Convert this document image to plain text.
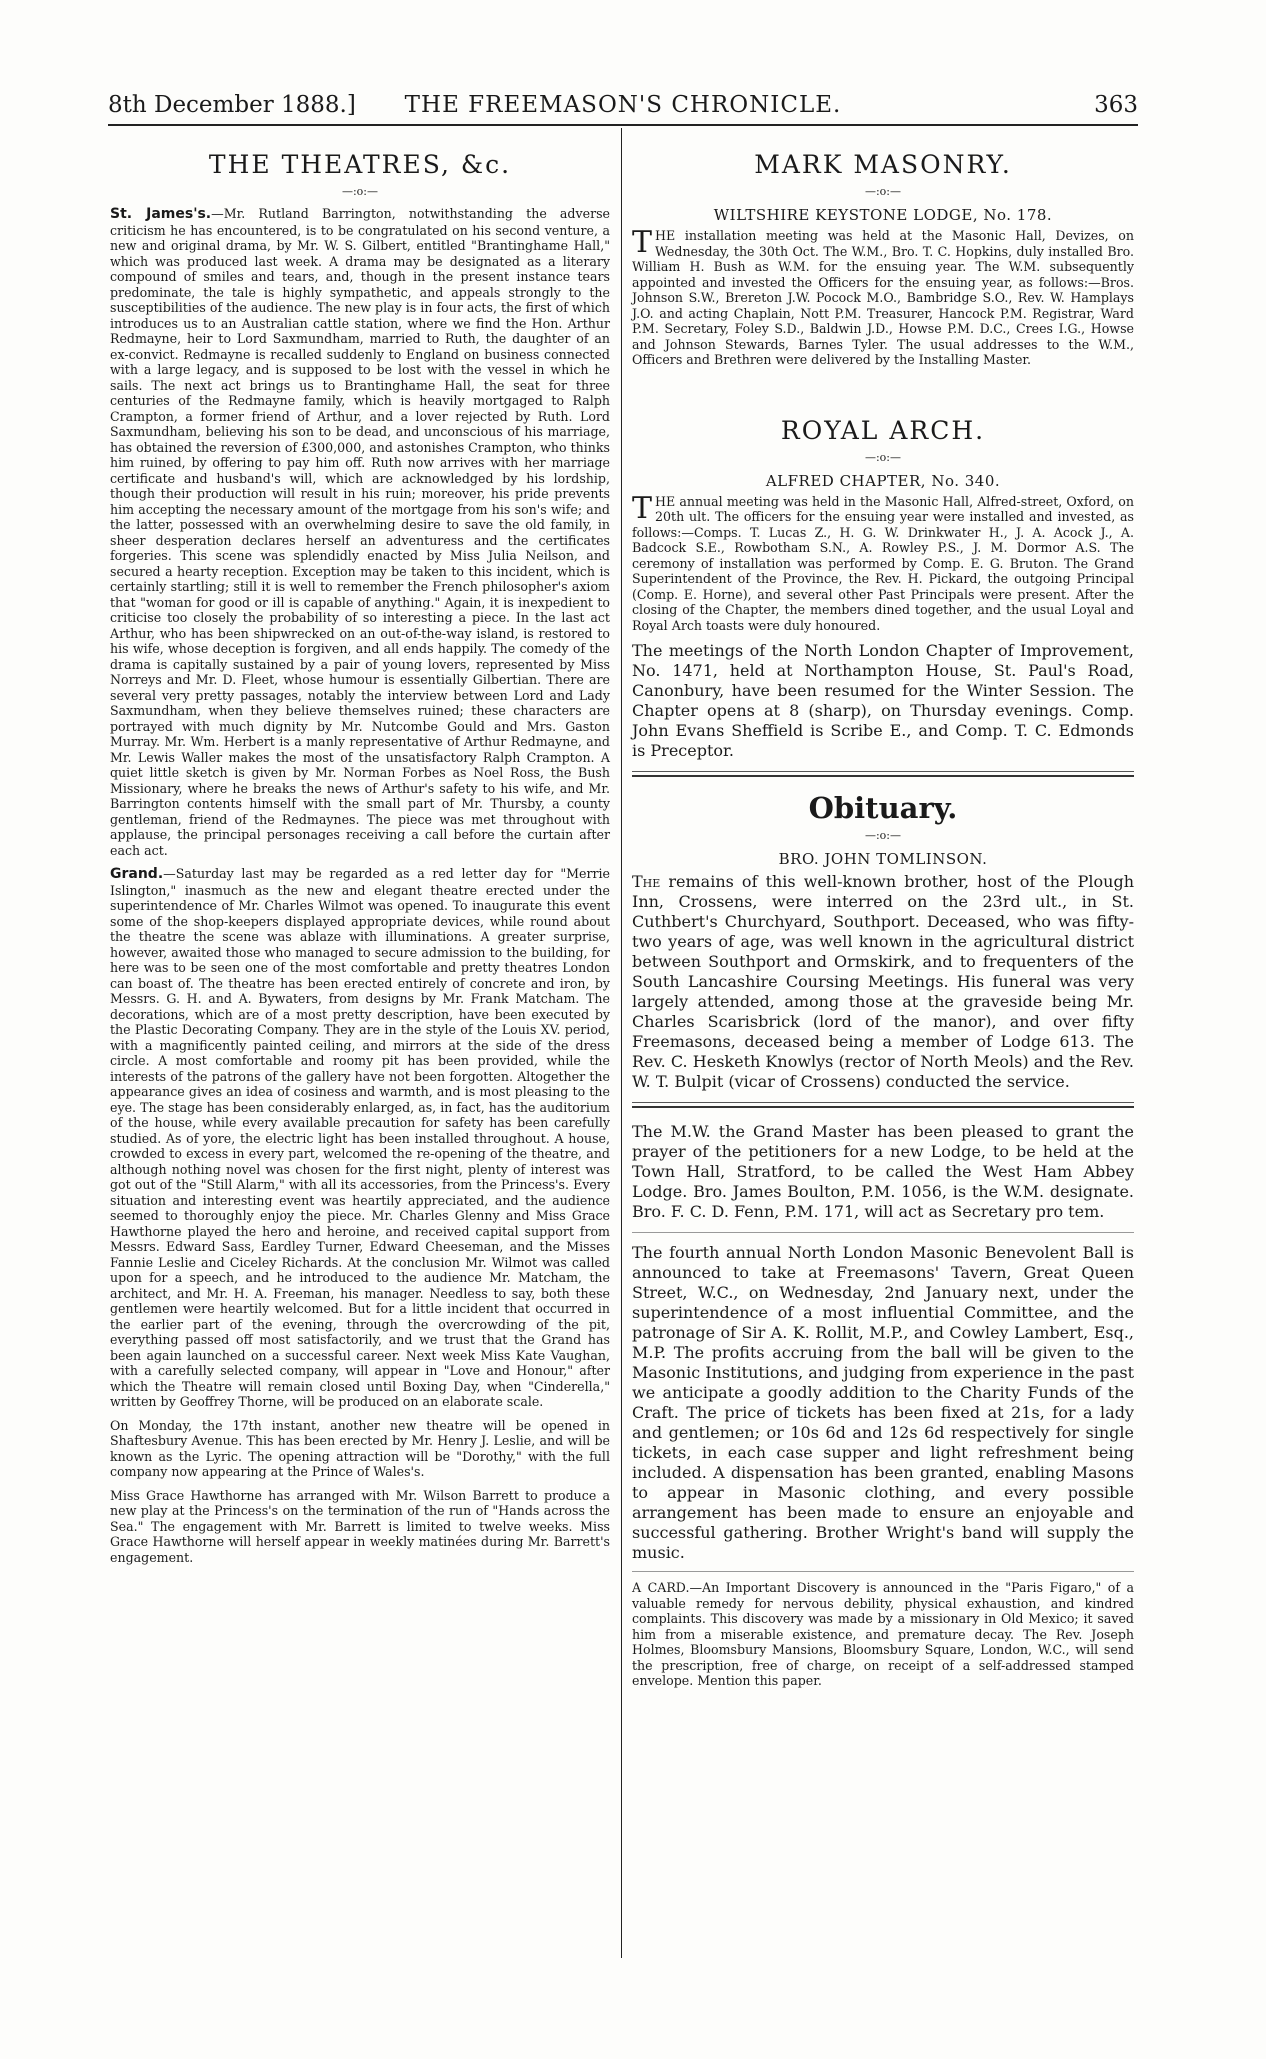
8th December 1888.]	THE FREEMASON'S CHRONICLE.	363
THE THEATRES, &c.
—:o:—

St. James's.—Mr. Rutland Barrington, notwithstanding the adverse criticism he has encountered, is to be congratulated on his second venture, a new and original drama, by Mr. W. S. Gilbert, entitled "Brantinghame Hall," which was produced last week. A drama may be designated as a literary compound of smiles and tears, and, though in the present instance tears predominate, the tale is highly sympathetic, and appeals strongly to the susceptibilities of the audience. The new play is in four acts, the first of which introduces us to an Australian cattle station, where we find the Hon. Arthur Redmayne, heir to Lord Saxmundham, married to Ruth, the daughter of an ex-convict. Redmayne is recalled suddenly to England on business connected with a large legacy, and is supposed to be lost with the vessel in which he sails. The next act brings us to Brantinghame Hall, the seat for three centuries of the Redmayne family, which is heavily mortgaged to Ralph Crampton, a former friend of Arthur, and a lover rejected by Ruth. Lord Saxmundham, believing his son to be dead, and unconscious of his marriage, has obtained the reversion of £300,000, and astonishes Crampton, who thinks him ruined, by offering to pay him off. Ruth now arrives with her marriage certificate and husband's will, which are acknowledged by his lordship, though their production will result in his ruin; moreover, his pride prevents him accepting the necessary amount of the mortgage from his son's wife; and the latter, possessed with an overwhelming desire to save the old family, in sheer desperation declares herself an adventuress and the certificates forgeries. This scene was splendidly enacted by Miss Julia Neilson, and secured a hearty reception. Exception may be taken to this incident, which is certainly startling; still it is well to remember the French philosopher's axiom that "woman for good or ill is capable of anything." Again, it is inexpedient to criticise too closely the probability of so interesting a piece. In the last act Arthur, who has been shipwrecked on an out-of-the-way island, is restored to his wife, whose deception is forgiven, and all ends happily. The comedy of the drama is capitally sustained by a pair of young lovers, represented by Miss Norreys and Mr. D. Fleet, whose humour is essentially Gilbertian. There are several very pretty passages, notably the interview between Lord and Lady Saxmundham, when they believe themselves ruined; these characters are portrayed with much dignity by Mr. Nutcombe Gould and Mrs. Gaston Murray. Mr. Wm. Herbert is a manly representative of Arthur Redmayne, and Mr. Lewis Waller makes the most of the unsatisfactory Ralph Crampton. A quiet little sketch is given by Mr. Norman Forbes as Noel Ross, the Bush Missionary, where he breaks the news of Arthur's safety to his wife, and Mr. Barrington contents himself with the small part of Mr. Thursby, a county gentleman, friend of the Redmaynes. The piece was met throughout with applause, the principal personages receiving a call before the curtain after each act.

Grand.—Saturday last may be regarded as a red letter day for "Merrie Islington," inasmuch as the new and elegant theatre erected under the superintendence of Mr. Charles Wilmot was opened. To inaugurate this event some of the shop-keepers displayed appropriate devices, while round about the theatre the scene was ablaze with illuminations. A greater surprise, however, awaited those who managed to secure admission to the building, for here was to be seen one of the most comfortable and pretty theatres London can boast of. The theatre has been erected entirely of concrete and iron, by Messrs. G. H. and A. Bywaters, from designs by Mr. Frank Matcham. The decorations, which are of a most pretty description, have been executed by the Plastic Decorating Company. They are in the style of the Louis XV. period, with a magnificently painted ceiling, and mirrors at the side of the dress circle. A most comfortable and roomy pit has been provided, while the interests of the patrons of the gallery have not been forgotten. Altogether the appearance gives an idea of cosiness and warmth, and is most pleasing to the eye. The stage has been considerably enlarged, as, in fact, has the auditorium of the house, while every available precaution for safety has been carefully studied. As of yore, the electric light has been installed throughout. A house, crowded to excess in every part, welcomed the re-opening of the theatre, and although nothing novel was chosen for the first night, plenty of interest was got out of the "Still Alarm," with all its accessories, from the Princess's. Every situation and interesting event was heartily appreciated, and the audience seemed to thoroughly enjoy the piece. Mr. Charles Glenny and Miss Grace Hawthorne played the hero and heroine, and received capital support from Messrs. Edward Sass, Eardley Turner, Edward Cheeseman, and the Misses Fannie Leslie and Ciceley Richards. At the conclusion Mr. Wilmot was called upon for a speech, and he introduced to the audience Mr. Matcham, the architect, and Mr. H. A. Freeman, his manager. Needless to say, both these gentlemen were heartily welcomed. But for a little incident that occurred in the earlier part of the evening, through the overcrowding of the pit, everything passed off most satisfactorily, and we trust that the Grand has been again launched on a successful career. Next week Miss Kate Vaughan, with a carefully selected company, will appear in "Love and Honour," after which the Theatre will remain closed until Boxing Day, when "Cinderella," written by Geoffrey Thorne, will be produced on an elaborate scale.

On Monday, the 17th instant, another new theatre will be opened in Shaftesbury Avenue. This has been erected by Mr. Henry J. Leslie, and will be known as the Lyric. The opening attraction will be "Dorothy," with the full company now appearing at the Prince of Wales's.

Miss Grace Hawthorne has arranged with Mr. Wilson Barrett to produce a new play at the Princess's on the termination of the run of "Hands across the Sea." The engagement with Mr. Barrett is limited to twelve weeks. Miss Grace Hawthorne will herself appear in weekly matinées during Mr. Barrett's engagement.

MARK MASONRY.
—:o:—
WILTSHIRE KEYSTONE LODGE, No. 178.

THE installation meeting was held at the Masonic Hall, Devizes, on Wednesday, the 30th Oct. The W.M., Bro. T. C. Hopkins, duly installed Bro. William H. Bush as W.M. for the ensuing year. The W.M. subsequently appointed and invested the Officers for the ensuing year, as follows:—Bros. Johnson S.W., Brereton J.W. Pocock M.O., Bambridge S.O., Rev. W. Hamplays J.O. and acting Chaplain, Nott P.M. Treasurer, Hancock P.M. Registrar, Ward P.M. Secretary, Foley S.D., Baldwin J.D., Howse P.M. D.C., Crees I.G., Howse and Johnson Stewards, Barnes Tyler. The usual addresses to the W.M., Officers and Brethren were delivered by the Installing Master.

ROYAL ARCH.
—:o:—
ALFRED CHAPTER, No. 340.

THE annual meeting was held in the Masonic Hall, Alfred-street, Oxford, on 20th ult. The officers for the ensuing year were installed and invested, as follows:—Comps. T. Lucas Z., H. G. W. Drinkwater H., J. A. Acock J., A. Badcock S.E., Rowbotham S.N., A. Rowley P.S., J. M. Dormor A.S. The ceremony of installation was performed by Comp. E. G. Bruton. The Grand Superintendent of the Province, the Rev. H. Pickard, the outgoing Principal (Comp. E. Horne), and several other Past Principals were present. After the closing of the Chapter, the members dined together, and the usual Loyal and Royal Arch toasts were duly honoured.

The meetings of the North London Chapter of Improvement, No. 1471, held at Northampton House, St. Paul's Road, Canonbury, have been resumed for the Winter Session. The Chapter opens at 8 (sharp), on Thursday evenings. Comp. John Evans Sheffield is Scribe E., and Comp. T. C. Edmonds is Preceptor.

Obituary.
—:o:—
BRO. JOHN TOMLINSON.

The remains of this well-known brother, host of the Plough Inn, Crossens, were interred on the 23rd ult., in St. Cuthbert's Churchyard, Southport. Deceased, who was fifty-two years of age, was well known in the agricultural district between Southport and Ormskirk, and to frequenters of the South Lancashire Coursing Meetings. His funeral was very largely attended, among those at the graveside being Mr. Charles Scarisbrick (lord of the manor), and over fifty Freemasons, deceased being a member of Lodge 613. The Rev. C. Hesketh Knowlys (rector of North Meols) and the Rev. W. T. Bulpit (vicar of Crossens) conducted the service.

The M.W. the Grand Master has been pleased to grant the prayer of the petitioners for a new Lodge, to be held at the Town Hall, Stratford, to be called the West Ham Abbey Lodge. Bro. James Boulton, P.M. 1056, is the W.M. designate. Bro. F. C. D. Fenn, P.M. 171, will act as Secretary pro tem.

The fourth annual North London Masonic Benevolent Ball is announced to take at Freemasons' Tavern, Great Queen Street, W.C., on Wednesday, 2nd January next, under the superintendence of a most influential Committee, and the patronage of Sir A. K. Rollit, M.P., and Cowley Lambert, Esq., M.P. The profits accruing from the ball will be given to the Masonic Institutions, and judging from experience in the past we anticipate a goodly addition to the Charity Funds of the Craft. The price of tickets has been fixed at 21s, for a lady and gentlemen; or 10s 6d and 12s 6d respectively for single tickets, in each case supper and light refreshment being included. A dispensation has been granted, enabling Masons to appear in Masonic clothing, and every possible arrangement has been made to ensure an enjoyable and successful gathering. Brother Wright's band will supply the music.

A CARD.—An Important Discovery is announced in the "Paris Figaro," of a valuable remedy for nervous debility, physical exhaustion, and kindred complaints. This discovery was made by a missionary in Old Mexico; it saved him from a miserable existence, and premature decay. The Rev. Joseph Holmes, Bloomsbury Mansions, Bloomsbury Square, London, W.C., will send the prescription, free of charge, on receipt of a self-addressed stamped envelope. Mention this paper.
